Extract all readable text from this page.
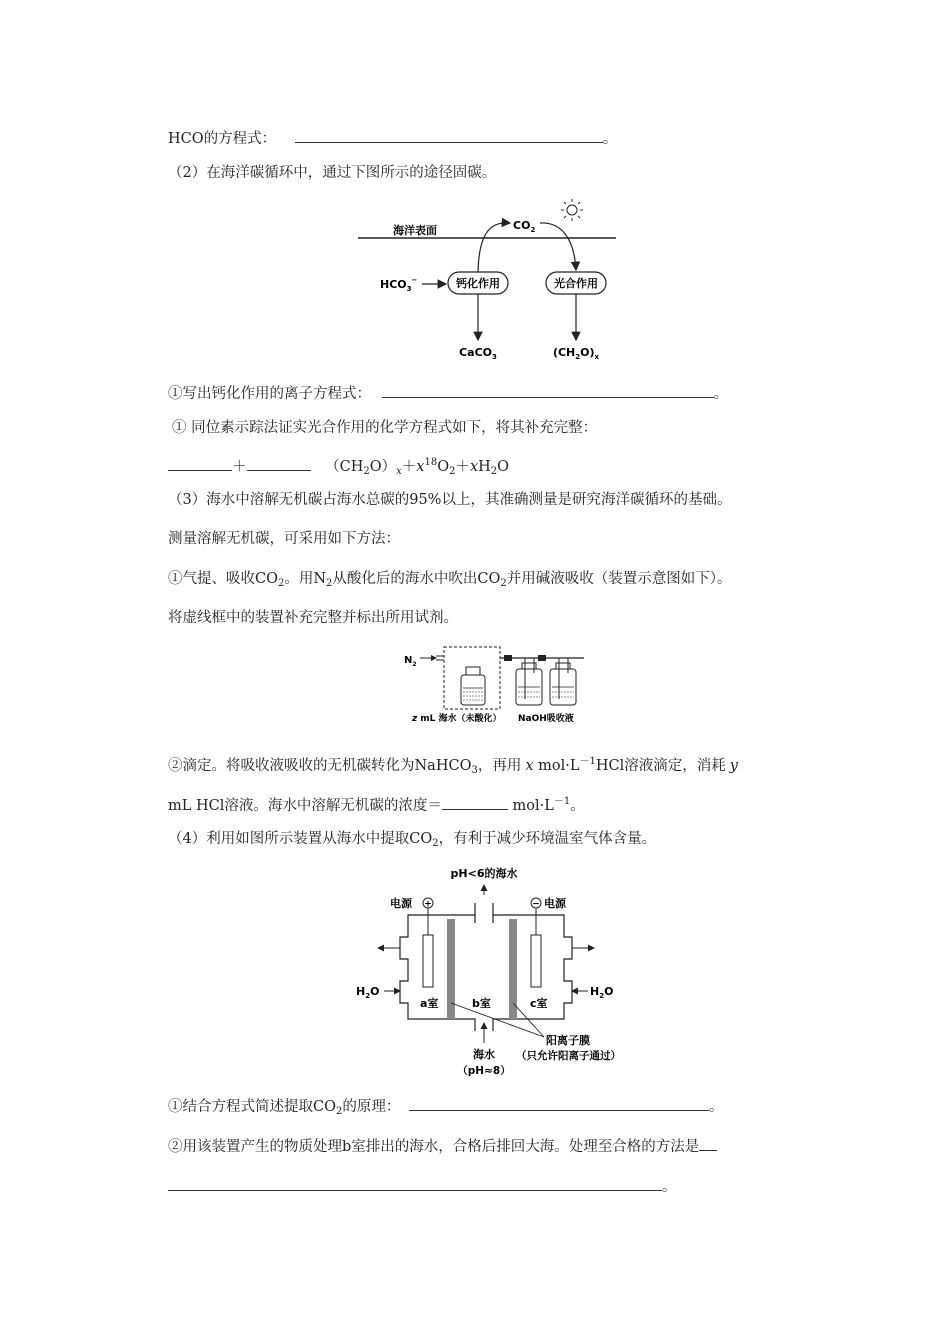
HCO的方程式：	。
（2）在海洋碳循环中，通过下图所示的途径固碳。
海洋表面	$CO_2$
$HCO_3^-$	钙化作用	光合作用
CaCO$_3$	$(CH_2O)_x$
①写出钙化作用的离子方程式：	。
① 同位素示踪法证实光合作用的化学方程式如下，将其补充完整：
＋	$(CH_2O)_x+x^{18}O_2+xH_2O$
（3）海水中溶解无机碳占海水总碳的95%以上，其准确测量是研究海洋碳循环的基础。
测量溶解无机碳，可采用如下方法：
①气提、吸收$CO_2$。用$N_2$从酸化后的海水中吹出$CO_2$并用碱液吸收（装置示意图如下）。
将虚线框中的装置补充完整并标出所用试剂。
$N_2$
z mL 海水（未酸化） NaOH吸收液
②滴定。将吸收液吸收的无机碳转化为NaHCO$_3$，再用 x $mol\cdot L^{-1}HCl$溶液滴定，消耗 y
mL HCl溶液。海水中溶解无机碳的浓度＝	$mol\cdot L^{-1}$。
（4）利用如图所示装置从海水中提取$CO_2$，有利于减少环境温室气体含量。
pH<6的海水
电源 +	− 电源
$H_2O$	$H_2O$
a室	b室	c室
阳离子膜
（只允许阳离子通过）
海水
（pH≈8）
①结合方程式简述提取$CO_2$的原理：	。
②用该装置产生的物质处理b室排出的海水，合格后排回大海。处理至合格的方法是
。
